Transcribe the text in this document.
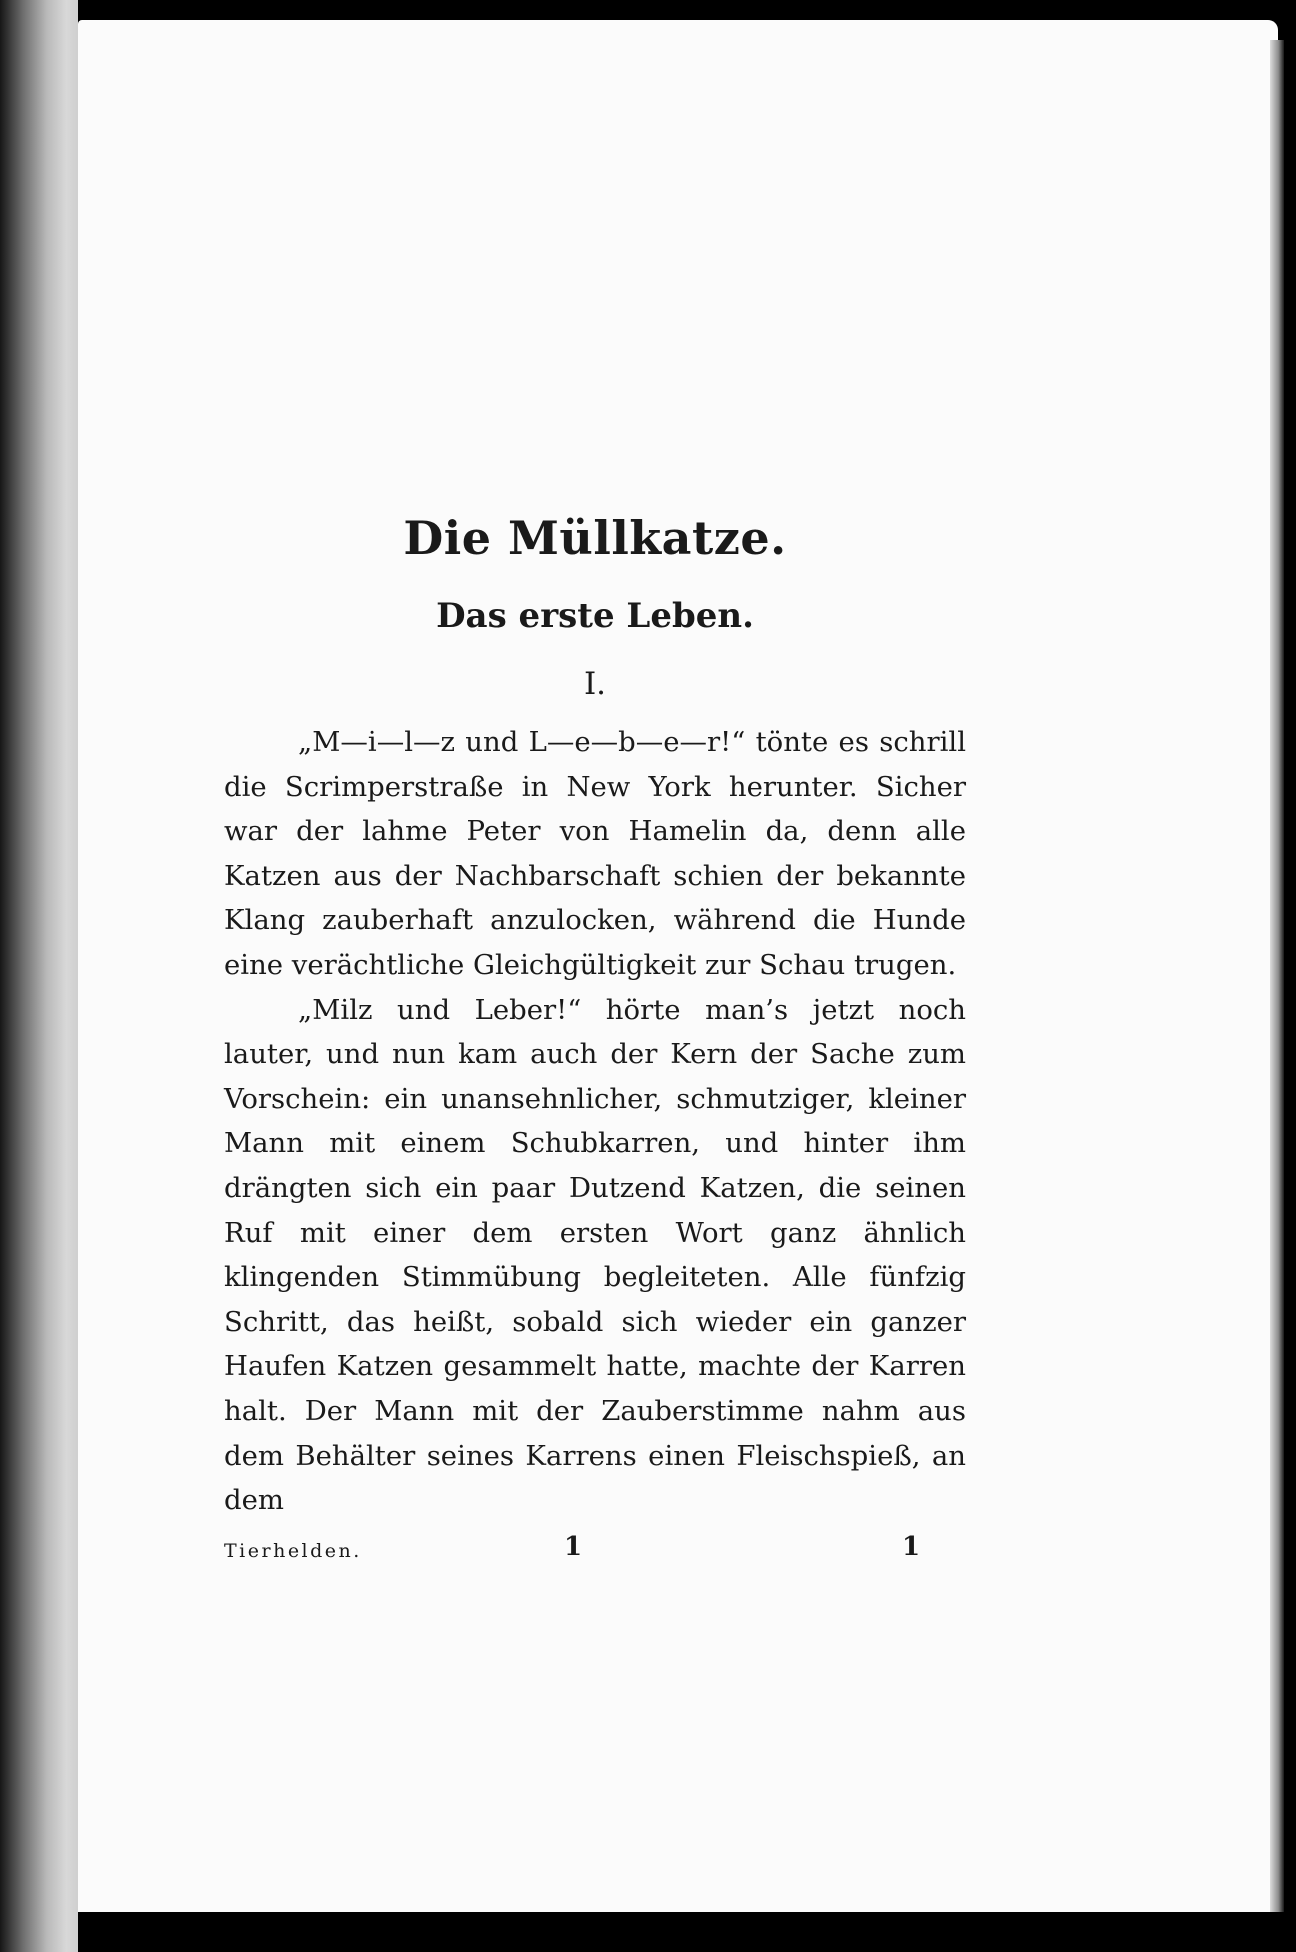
Die Müllkatze.
Das erste Leben.
I.

„M—i—l—z und L—e—b—e—r!“ tönte es schrill die Scrimperstraße in New York herunter. Sicher war der lahme Peter von Hamelin da, denn alle Katzen aus der Nachbarschaft schien der bekannte Klang zauberhaft anzulocken, während die Hunde eine verächtliche Gleichgültigkeit zur Schau trugen.

„Milz und Leber!“ hörte man’s jetzt noch lauter, und nun kam auch der Kern der Sache zum Vorschein: ein unansehnlicher, schmutziger, kleiner Mann mit einem Schubkarren, und hinter ihm drängten sich ein paar Dutzend Katzen, die seinen Ruf mit einer dem ersten Wort ganz ähnlich klingenden Stimmübung begleiteten. Alle fünfzig Schritt, das heißt, sobald sich wieder ein ganzer Haufen Katzen gesammelt hatte, machte der Karren halt. Der Mann mit der Zauberstimme nahm aus dem Behälter seines Karrens einen Fleischspieß, an dem

Tierhelden.	1	1
